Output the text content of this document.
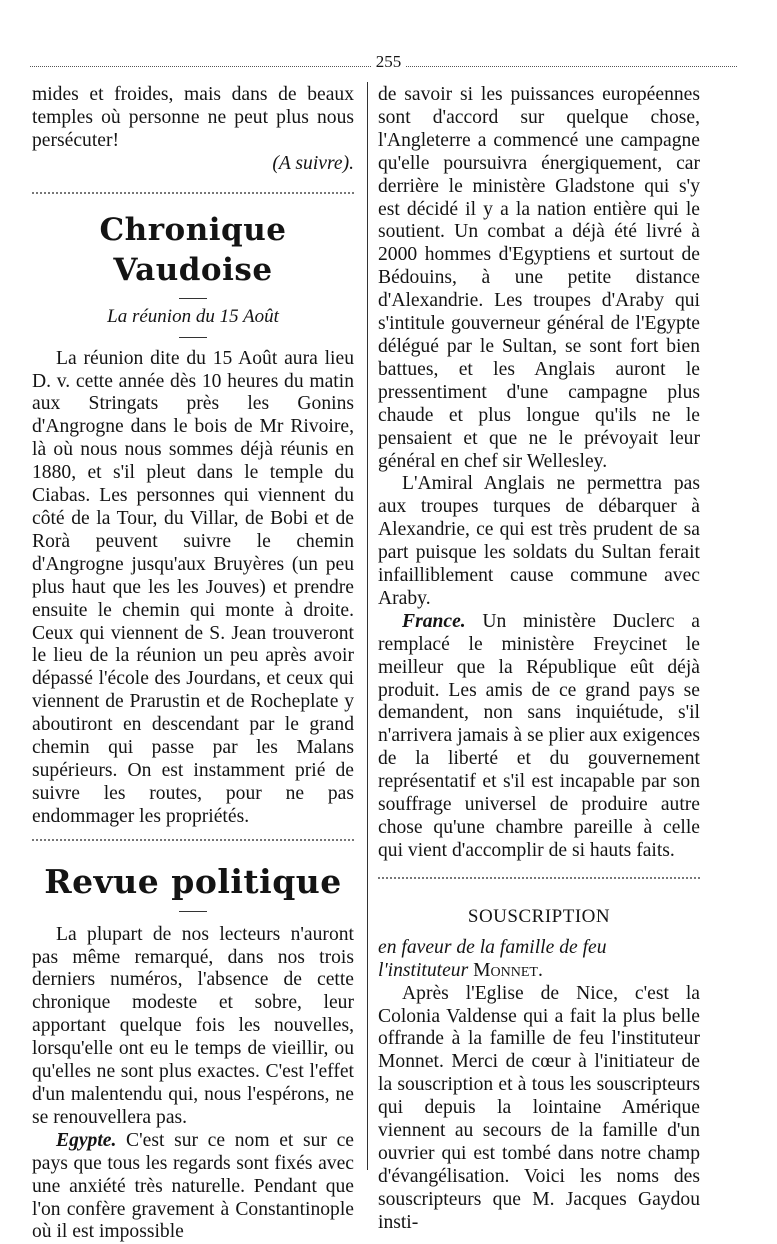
255

mides et froides, mais dans de beaux temples où personne ne peut plus nous persécuter!

(A suivre).

Chronique Vaudoise
La réunion du 15 Août

La réunion dite du 15 Août aura lieu D. v. cette année dès 10 heures du matin aux Stringats près les Gonins d'Angrogne dans le bois de Mr Rivoire, là où nous nous sommes déjà réunis en 1880, et s'il pleut dans le temple du Ciabas. Les personnes qui viennent du côté de la Tour, du Villar, de Bobi et de Rorà peuvent suivre le chemin d'Angrogne jusqu'aux Bruyères (un peu plus haut que les les Jouves) et prendre ensuite le chemin qui monte à droite. Ceux qui viennent de S. Jean trouveront le lieu de la réunion un peu après avoir dépassé l'école des Jourdans, et ceux qui viennent de Prarustin et de Rocheplate y aboutiront en descendant par le grand chemin qui passe par les Malans supérieurs. On est instamment prié de suivre les routes, pour ne pas endommager les propriétés.

Revue politique

La plupart de nos lecteurs n'auront pas même remarqué, dans nos trois derniers numéros, l'absence de cette chronique modeste et sobre, leur apportant quelque fois les nouvelles, lorsqu'elle ont eu le temps de vieillir, ou qu'elles ne sont plus exactes. C'est l'effet d'un malentendu qui, nous l'espérons, ne se renouvellera pas.

Egypte. C'est sur ce nom et sur ce pays que tous les regards sont fixés avec une anxiété très naturelle. Pendant que l'on confère gravement à Constantinople où il est impossible

de savoir si les puissances européennes sont d'accord sur quelque chose, l'Angleterre a commencé une campagne qu'elle poursuivra énergiquement, car derrière le ministère Gladstone qui s'y est décidé il y a la nation entière qui le soutient. Un combat a déjà été livré à 2000 hommes d'Egyptiens et surtout de Bédouins, à une petite distance d'Alexandrie. Les troupes d'Araby qui s'intitule gouverneur général de l'Egypte délégué par le Sultan, se sont fort bien battues, et les Anglais auront le pressentiment d'une campagne plus chaude et plus longue qu'ils ne le pensaient et que ne le prévoyait leur général en chef sir Wellesley.

L'Amiral Anglais ne permettra pas aux troupes turques de débarquer à Alexandrie, ce qui est très prudent de sa part puisque les soldats du Sultan ferait infailliblement cause commune avec Araby.

France. Un ministère Duclerc a remplacé le ministère Freycinet le meilleur que la République eût déjà produit. Les amis de ce grand pays se demandent, non sans inquiétude, s'il n'arrivera jamais à se plier aux exigences de la liberté et du gouvernement représentatif et s'il est incapable par son souffrage universel de produire autre chose qu'une chambre pareille à celle qui vient d'accomplir de si hauts faits.

SOUSCRIPTION

en faveur de la famille de feu l'instituteur Monnet.

Après l'Eglise de Nice, c'est la Colonia Valdense qui a fait la plus belle offrande à la famille de feu l'instituteur Monnet. Merci de cœur à l'initiateur de la souscription et à tous les souscripteurs qui depuis la lointaine Amérique viennent au secours de la famille d'un ouvrier qui est tombé dans notre champ d'évangélisation. Voici les noms des souscripteurs que M. Jacques Gaydou insti-
